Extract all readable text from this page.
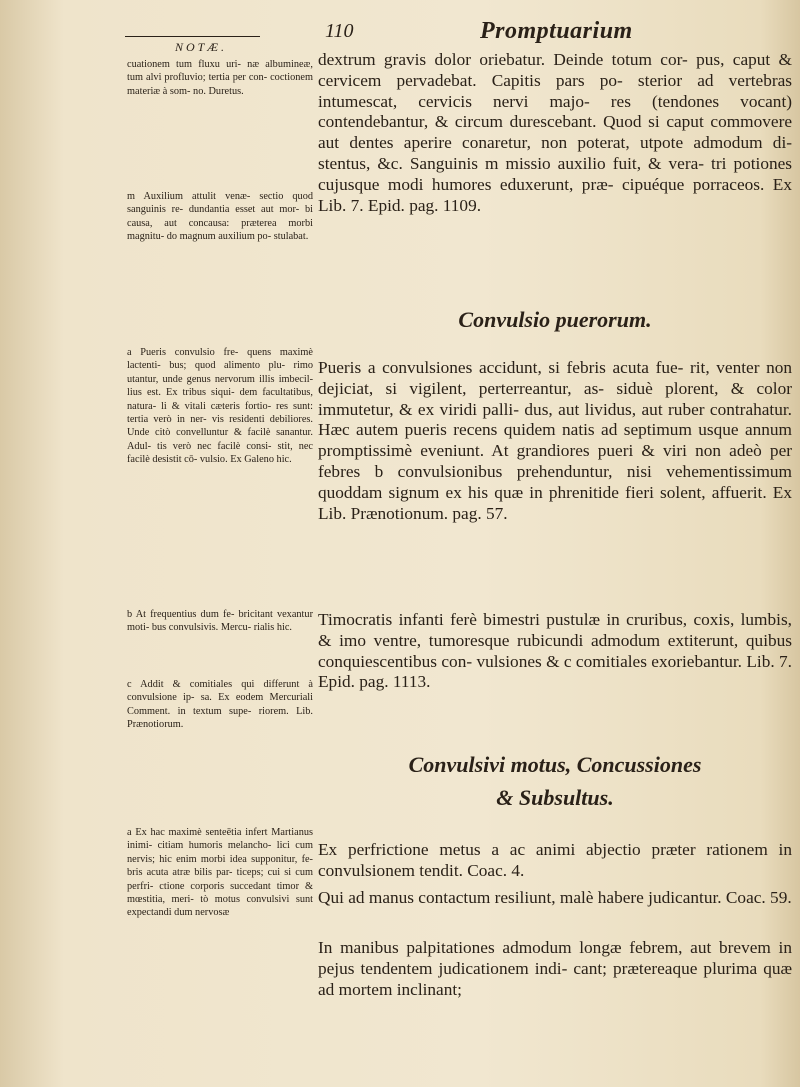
NOTÆ.
110	Promptuarium
cuationem tum fluxu uri- næ albumineæ, tum alvi profluvio; tertia per con- coctionem materiæ à som- no. Duretus.
m Auxilium attulit venæ- sectio quod sanguinis re- dundantia esset aut mor- bi causa, aut concausa: præterea morbi magnitu- do magnum auxilium po- stulabat.
a Pueris convulsio fre- quens maximè lactenti- bus; quod alimento plu- rimo utantur, unde genus nervorum illis imbecil- lius est. Ex tribus siqui- dem facultatibus, natura- li & vitali cæteris fortio- res sunt: tertia verò in ner- vis residenti debiliores. Unde citò convelluntur & facilè sanantur. Adul- tis verò nec facilè consi- stit, nec facilè desistit cō- vulsio. Ex Galeno hic.
b At frequentius dum fe- bricitant vexantur moti- bus convulsivis. Mercu- rialis hic.
c Addit & comitiales qui differunt à convulsione ip- sa. Ex eodem Mercuriali Comment. in textum supe- riorem. Lib. Prænotiorum.
a Ex hac maximè senteētia infert Martianus inimi- citiam humoris melancho- lici cum nervis; hic enim morbi idea supponitur, fe- bris acuta atræ bilis par- ticeps; cui si cum perfri- ctione corporis succedant timor & mœstitia, meri- tò motus convulsivi sunt expectandi dum nervosæ
dextrum gravis dolor oriebatur. Deinde totum cor- pus, caput & cervicem pervadebat. Capitis pars po- sterior ad vertebras intumescat, cervicis nervi majo- res (tendones vocant) contendebantur, & circum durescebant. Quod si caput commovere aut dentes aperire conaretur, non poterat, utpote admodum di- stentus, &c. Sanguinis m missio auxilio fuit, & vera- tri potiones cujusque modi humores eduxerunt, præ- cipuéque porraceos. Ex Lib. 7. Epid. pag. 1109.
Convulsio puerorum.
Pueris a convulsiones accidunt, si febris acuta fue- rit, venter non dejiciat, si vigilent, perterreantur, as- siduè plorent, & color immutetur, & ex viridi palli- dus, aut lividus, aut ruber contrahatur. Hæc autem pueris recens quidem natis ad septimum usque annum promptissimè eveniunt. At grandiores pueri & viri non adeò per febres b convulsionibus prehenduntur, nisi vehementissimum quoddam signum ex his quæ in phrenitide fieri solent, affuerit. Ex Lib. Prænotionum. pag. 57.
Timocratis infanti ferè bimestri pustulæ in cruribus, coxis, lumbis, & imo ventre, tumoresque rubicundi admodum extiterunt, quibus conquiescentibus con- vulsiones & c comitiales exoriebantur. Lib. 7. Epid. pag. 1113.
Convulsivi motus, Concussiones
& Subsultus.
Ex perfrictione metus a ac animi abjectio præter rationem in convulsionem tendit. Coac. 4.
Qui ad manus contactum resiliunt, malè habere judicantur. Coac. 59.
In manibus palpitationes admodum longæ febrem, aut brevem in pejus tendentem judicationem indi- cant; prætereaque plurima quæ ad mortem inclinant;
